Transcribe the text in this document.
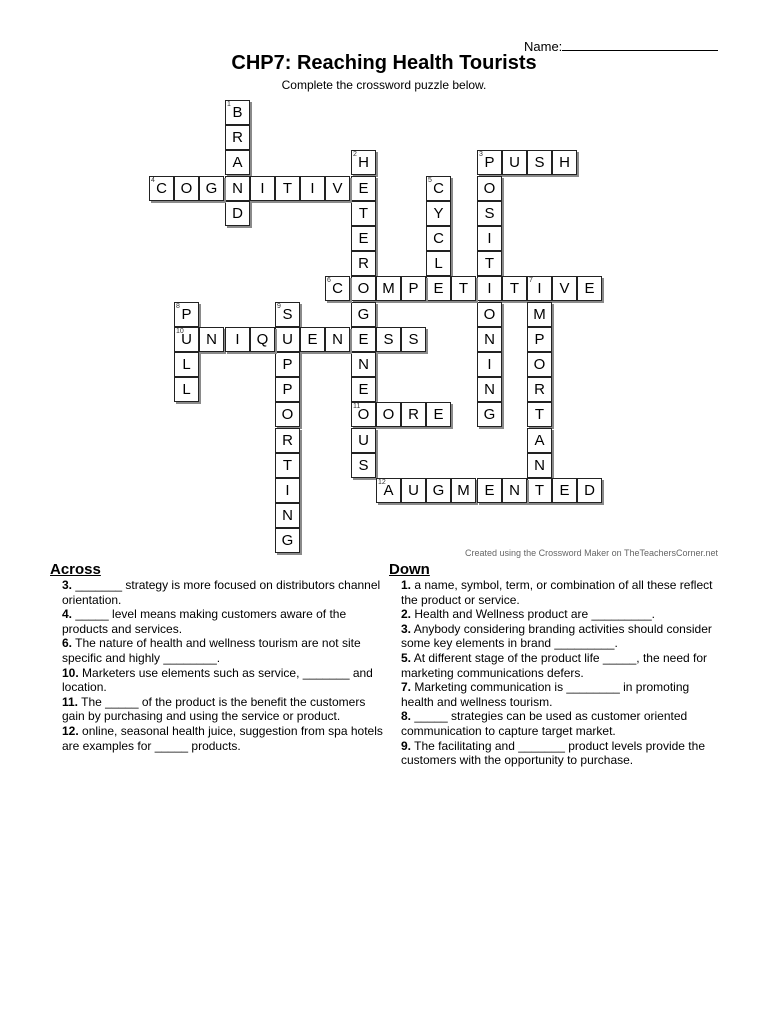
Name:
CHP7: Reaching Health Tourists
Complete the crossword puzzle below.
1 B
R
A
N
D
2 H
E
T
E
R
O
G
E
N
E
11
O
U
S
3 P U S H
4 C O G	I T I V	5 C
Y
C
L
E
O
S
I
T
I
O
N
I
N
G
6 C	M P	T	T 7 I V E
M
P
O
R
T
A
N
T
8 P
10
U
L
L
9 S
U
P
P
O
R
T
I
N
G
N I Q	E N	S S
O R E
12
A U G M E N	E D
Created using the Crossword Maker on TheTeachersCorner.net
Across
3. _______ strategy is more focused on distributors channel orientation.
4. _____ level means making customers aware of the products and services.
6. The nature of health and wellness tourism are not site specific and highly ________.
10. Marketers use elements such as service, _______ and location.
11. The _____ of the product is the benefit the customers gain by purchasing and using the service or product.
12. online, seasonal health juice, suggestion from spa hotels are examples for _____ products.
Down
1. a name, symbol, term, or combination of all these reflect the product or service.
2. Health and Wellness product are _________.
3. Anybody considering branding activities should consider some key elements in brand _________.
5. At different stage of the product life _____, the need for marketing communications defers.
7. Marketing communication is ________ in promoting health and wellness tourism.
8. _____ strategies can be used as customer oriented communication to capture target market.
9. The facilitating and _______ product levels provide the customers with the opportunity to purchase.
